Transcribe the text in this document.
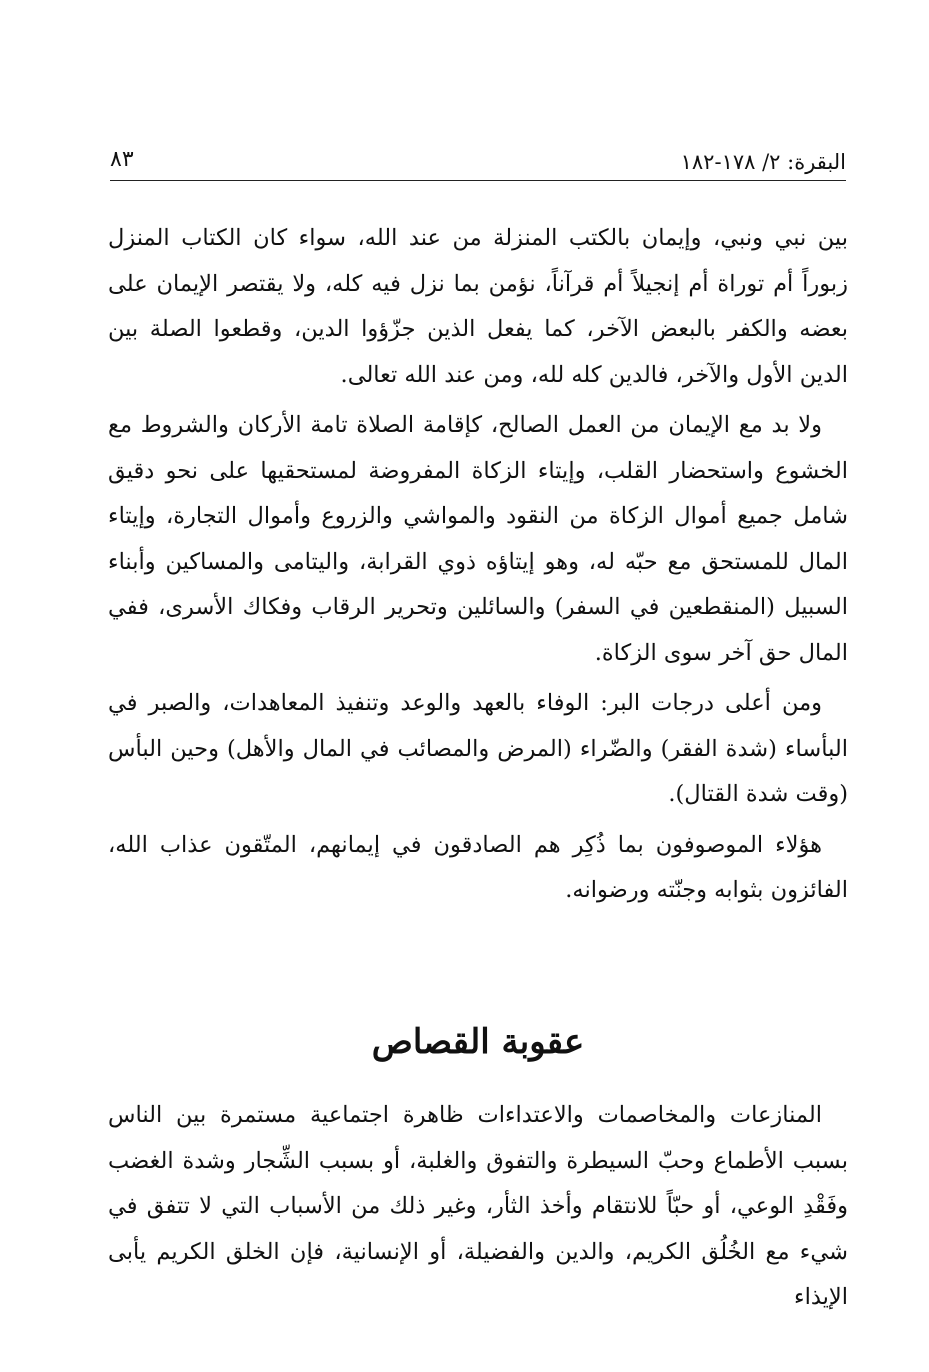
البقرة: ٢/ ١٧٨-١٨٢
٨٣

بين نبي ونبي، وإيمان بالكتب المنزلة من عند الله، سواء كان الكتاب المنزل زبوراً أم توراة أم إنجيلاً أم قرآناً، نؤمن بما نزل فيه كله، ولا يقتصر الإيمان على بعضه والكفر بالبعض الآخر، كما يفعل الذين جزّؤوا الدين، وقطعوا الصلة بين الدين الأول والآخر، فالدين كله لله، ومن عند الله تعالى.

ولا بد مع الإيمان من العمل الصالح، كإقامة الصلاة تامة الأركان والشروط مع الخشوع واستحضار القلب، وإيتاء الزكاة المفروضة لمستحقيها على نحو دقيق شامل جميع أموال الزكاة من النقود والمواشي والزروع وأموال التجارة، وإيتاء المال للمستحق مع حبّه له، وهو إيتاؤه ذوي القرابة، واليتامى والمساكين وأبناء السبيل (المنقطعين في السفر) والسائلين وتحرير الرقاب وفكاك الأسرى، ففي المال حق آخر سوى الزكاة.

ومن أعلى درجات البر: الوفاء بالعهد والوعد وتنفيذ المعاهدات، والصبر في البأساء (شدة الفقر) والضّراء (المرض والمصائب في المال والأهل) وحين البأس (وقت شدة القتال).

هؤلاء الموصوفون بما ذُكِر هم الصادقون في إيمانهم، المتّقون عذاب الله، الفائزون بثوابه وجنّته ورضوانه.

عقوبة القصاص

المنازعات والمخاصمات والاعتداءات ظاهرة اجتماعية مستمرة بين الناس بسبب الأطماع وحبّ السيطرة والتفوق والغلبة، أو بسبب الشِّجار وشدة الغضب وفَقْدِ الوعي، أو حبّاً للانتقام وأخذ الثأر، وغير ذلك من الأسباب التي لا تتفق في شيء مع الخُلُق الكريم، والدين والفضيلة، أو الإنسانية، فإن الخلق الكريم يأبى الإيذاء
